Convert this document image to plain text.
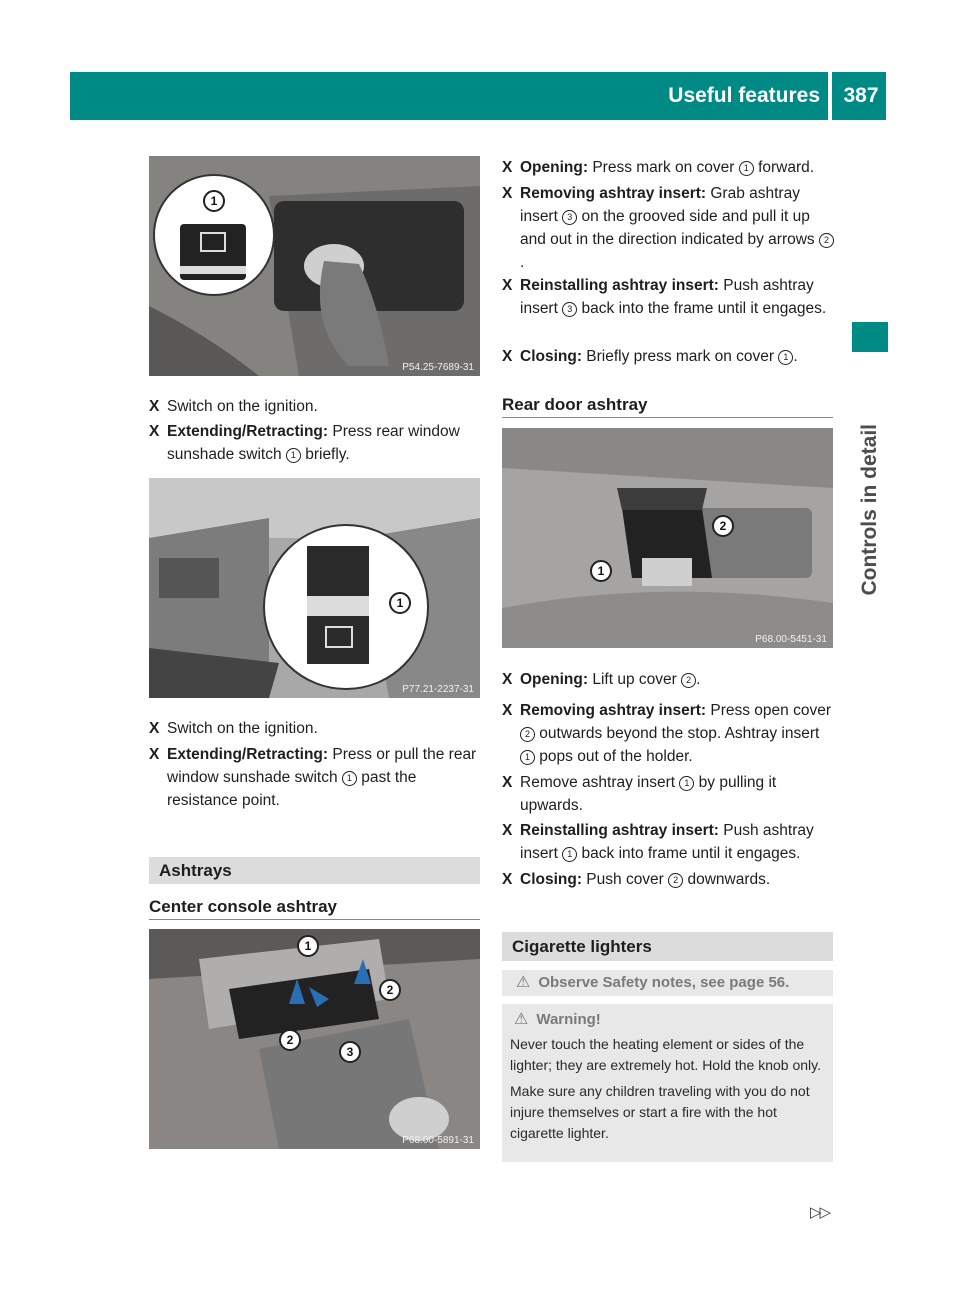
Useful features	387
Controls in detail
1
P54.25-7689-31
X Switch on the ignition.
X Extending/Retracting: Press rear window sunshade switch 1 briefly.
1
P77.21-2237-31
X Switch on the ignition.
X Extending/Retracting: Press or pull the rear window sunshade switch 1 past the resistance point.
Ashtrays
Center console ashtray
1
2
2
3
P68.00-5891-31
X Opening: Press mark on cover 1 forward.
X Removing ashtray insert: Grab ashtray insert 3 on the grooved side and pull it up and out in the direction indicated by arrows 2.
X Reinstalling ashtray insert: Push ashtray insert 3 back into the frame until it engages.
X Closing: Briefly press mark on cover 1 .
Rear door ashtray
2
1
P68.00-5451-31
X Opening: Lift up cover 2 .
X Removing ashtray insert: Press open cover 2 outwards beyond the stop. Ashtray insert 1 pops out of the holder.
X Remove ashtray insert 1 by pulling it upwards.
X Reinstalling ashtray insert: Push ashtray insert 1 back into frame until it engages.
X Closing: Push cover 2 downwards.
Cigarette lighters
⚠ Observe Safety notes, see page 56.
⚠ Warning!
Never touch the heating element or sides of the lighter; they are extremely hot. Hold the knob only.
Make sure any children traveling with you do not injure themselves or start a fire with the hot cigarette lighter.
▷▷
